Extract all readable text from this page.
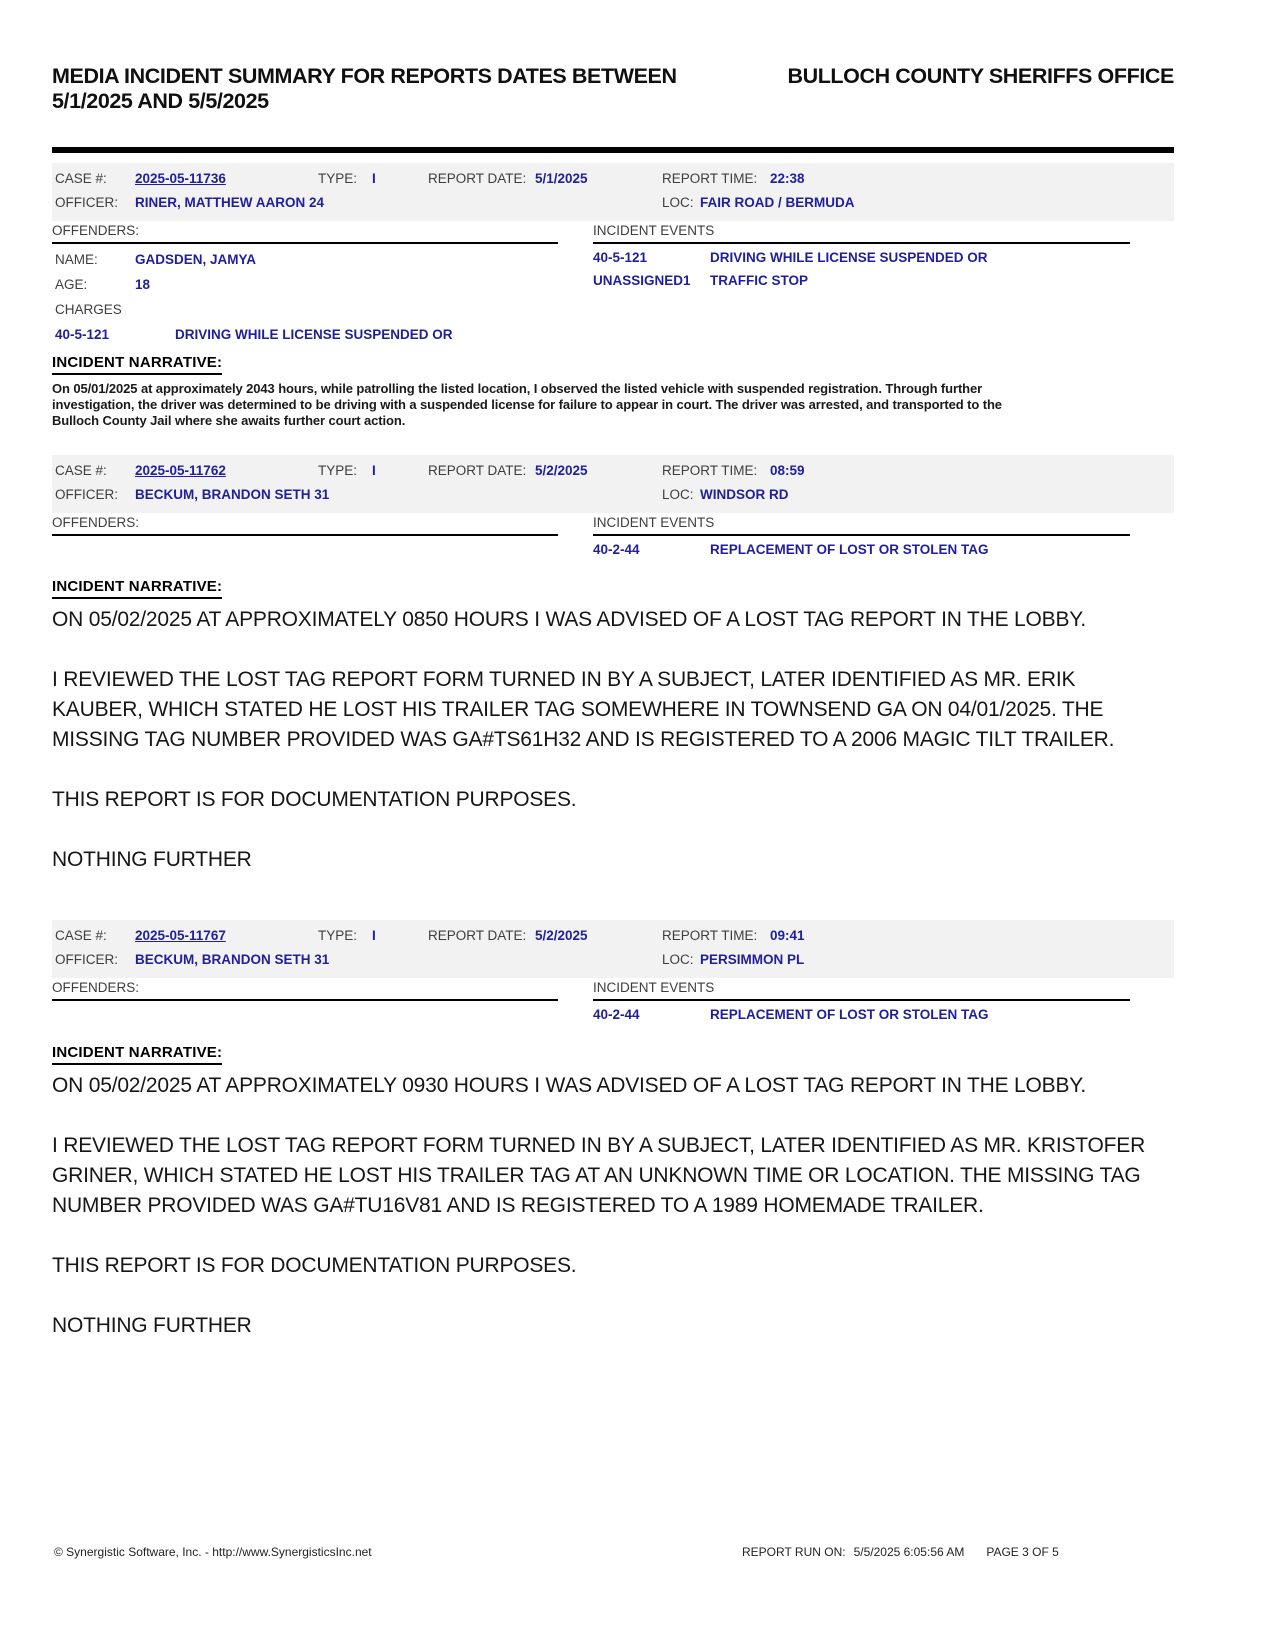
MEDIA INCIDENT SUMMARY FOR REPORTS DATES BETWEEN 5/1/2025 AND 5/5/2025
BULLOCH COUNTY SHERIFFS OFFICE
CASE #: 2025-05-11736	TYPE: I	REPORT DATE: 5/1/2025	REPORT TIME: 22:38
OFFICER: RINER, MATTHEW AARON 24	LOC: FAIR ROAD / BERMUDA
OFFENDERS:
NAME:	GADSDEN, JAMYA
AGE:	18
CHARGES
40-5-121	DRIVING WHILE LICENSE SUSPENDED OR
INCIDENT EVENTS
40-5-121	DRIVING WHILE LICENSE SUSPENDED OR
UNASSIGNED1 TRAFFIC STOP
INCIDENT NARRATIVE:
On 05/01/2025 at approximately 2043 hours, while patrolling the listed location, I observed the listed vehicle with suspended registration. Through further
investigation, the driver was determined to be driving with a suspended license for failure to appear in court. The driver was arrested, and transported to the
Bulloch County Jail where she awaits further court action.
CASE #: 2025-05-11762	TYPE: I	REPORT DATE: 5/2/2025	REPORT TIME: 08:59
OFFICER: BECKUM, BRANDON SETH 31	LOC: WINDSOR RD
OFFENDERS:	INCIDENT EVENTS
40-2-44	REPLACEMENT OF LOST OR STOLEN TAG
INCIDENT NARRATIVE:
ON 05/02/2025 AT APPROXIMATELY 0850 HOURS I WAS ADVISED OF A LOST TAG REPORT IN THE LOBBY.
I REVIEWED THE LOST TAG REPORT FORM TURNED IN BY A SUBJECT, LATER IDENTIFIED AS MR. ERIK
KAUBER, WHICH STATED HE LOST HIS TRAILER TAG SOMEWHERE IN TOWNSEND GA ON 04/01/2025. THE
MISSING TAG NUMBER PROVIDED WAS GA#TS61H32 AND IS REGISTERED TO A 2006 MAGIC TILT TRAILER.
THIS REPORT IS FOR DOCUMENTATION PURPOSES.
NOTHING FURTHER
CASE #: 2025-05-11767	TYPE: I	REPORT DATE: 5/2/2025	REPORT TIME: 09:41
OFFICER: BECKUM, BRANDON SETH 31	LOC: PERSIMMON PL
OFFENDERS:	INCIDENT EVENTS
40-2-44	REPLACEMENT OF LOST OR STOLEN TAG
INCIDENT NARRATIVE:
ON 05/02/2025 AT APPROXIMATELY 0930 HOURS I WAS ADVISED OF A LOST TAG REPORT IN THE LOBBY.
I REVIEWED THE LOST TAG REPORT FORM TURNED IN BY A SUBJECT, LATER IDENTIFIED AS MR. KRISTOFER
GRINER, WHICH STATED HE LOST HIS TRAILER TAG AT AN UNKNOWN TIME OR LOCATION. THE MISSING TAG
NUMBER PROVIDED WAS GA#TU16V81 AND IS REGISTERED TO A 1989 HOMEMADE TRAILER.
THIS REPORT IS FOR DOCUMENTATION PURPOSES.
NOTHING FURTHER
© Synergistic Software, Inc. - http://www.SynergisticsInc.net	REPORT RUN ON: 5/5/2025 6:05:56 AM PAGE 3 OF 5
